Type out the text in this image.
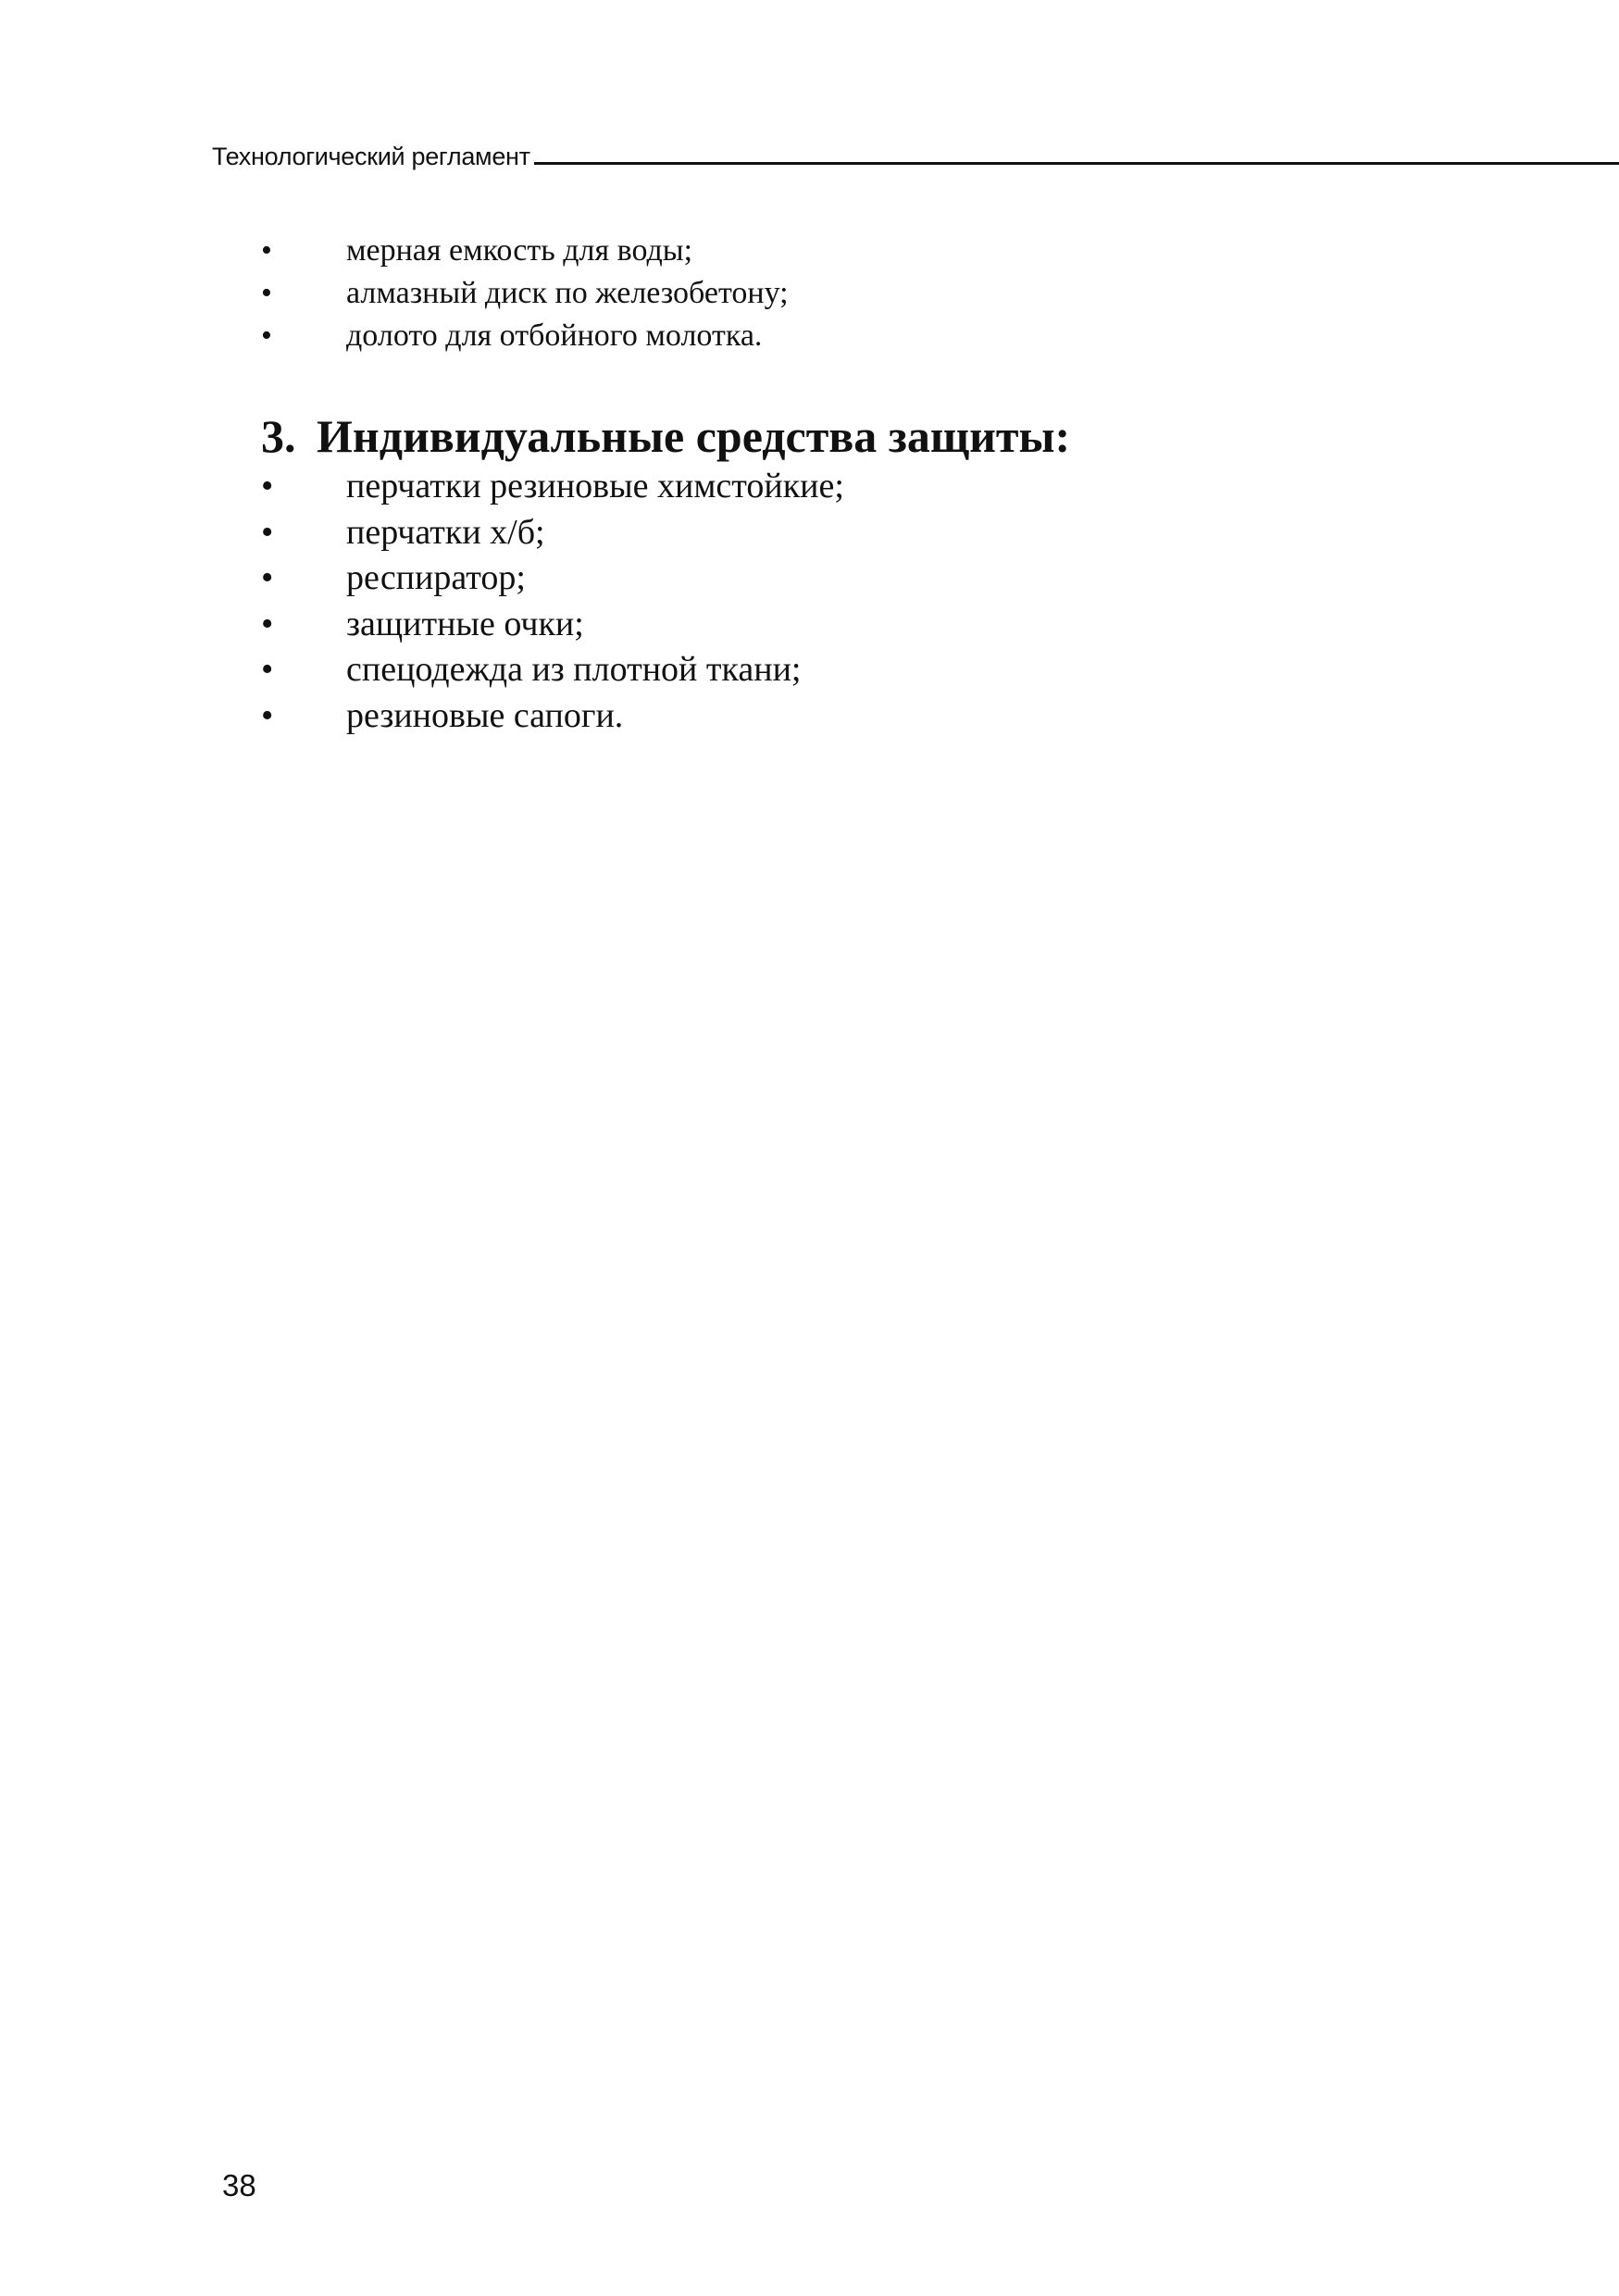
Технологический регламент
• мерная емкость для воды;
• алмазный диск по железобетону;
• долото для отбойного молотка.
3. Индивидуальные средства защиты:
• перчатки резиновые химстойкие;
• перчатки х/б;
• респиратор;
• защитные очки;
• спецодежда из плотной ткани;
• резиновые сапоги.
38
